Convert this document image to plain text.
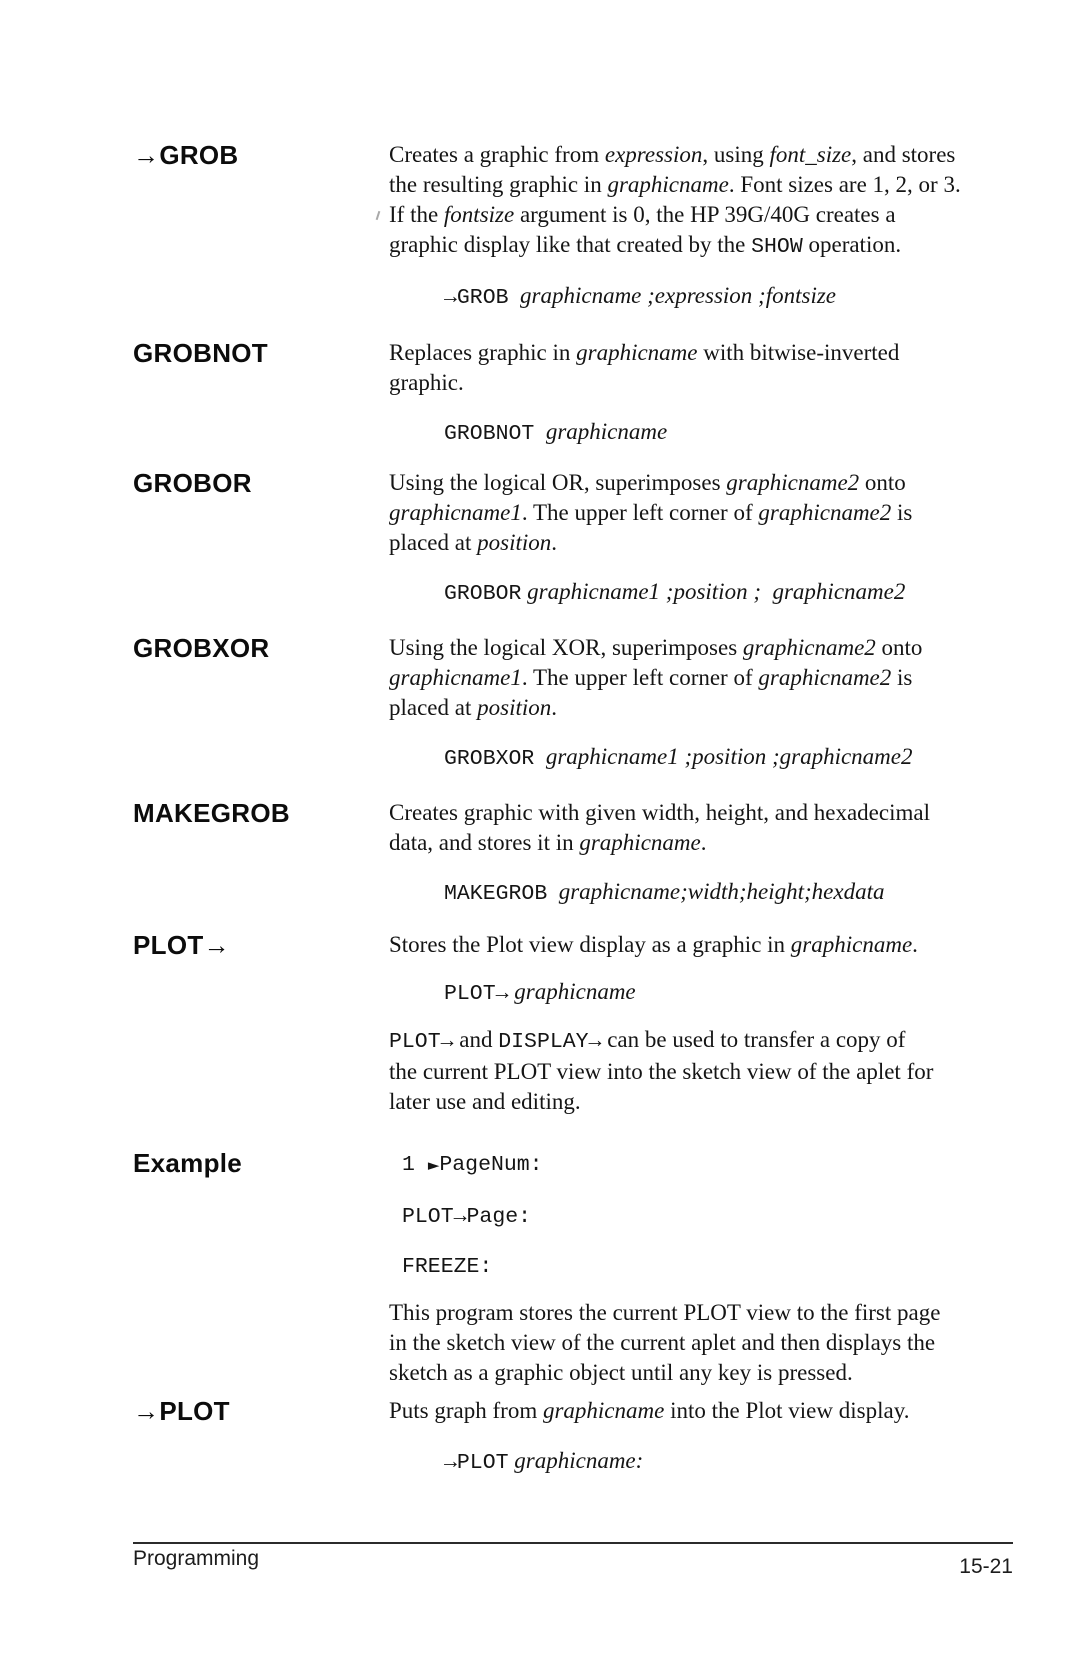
→GROB	Creates a graphic from expression, using font_size, and stores
the resulting graphic in graphicname. Font sizes are 1, 2, or 3.
If the fontsize argument is 0, the HP 39G/40G creates a
graphic display like that created by the SHOW operation.
→GROB graphicname ;expression ;fontsize
GROBNOT	Replaces graphic in graphicname with bitwise-inverted
graphic.
GROBNOT graphicname
GROBOR	Using the logical OR, superimposes graphicname2 onto
graphicname1. The upper left corner of graphicname2 is
placed at position.
GROBOR graphicname1 ;position ;  graphicname2
GROBXOR	Using the logical XOR, superimposes graphicname2 onto
graphicname1. The upper left corner of graphicname2 is
placed at position.
GROBXOR graphicname1 ;position ;graphicname2
MAKEGROB	Creates graphic with given width, height, and hexadecimal
data, and stores it in graphicname.
MAKEGROB graphicname;width;height;hexdata
PLOT→	Stores the Plot view display as a graphic in graphicname.
PLOT→ graphicname
PLOT→ and DISPLAY→ can be used to transfer a copy of
the current PLOT view into the sketch view of the aplet for
later use and editing.
Example	1 ►PageNum:
PLOT→Page:
FREEZE:
This program stores the current PLOT view to the first page
in the sketch view of the current aplet and then displays the
sketch as a graphic object until any key is pressed.
→PLOT	Puts graph from graphicname into the Plot view display.
→PLOT graphicname:
Programming	15-21
